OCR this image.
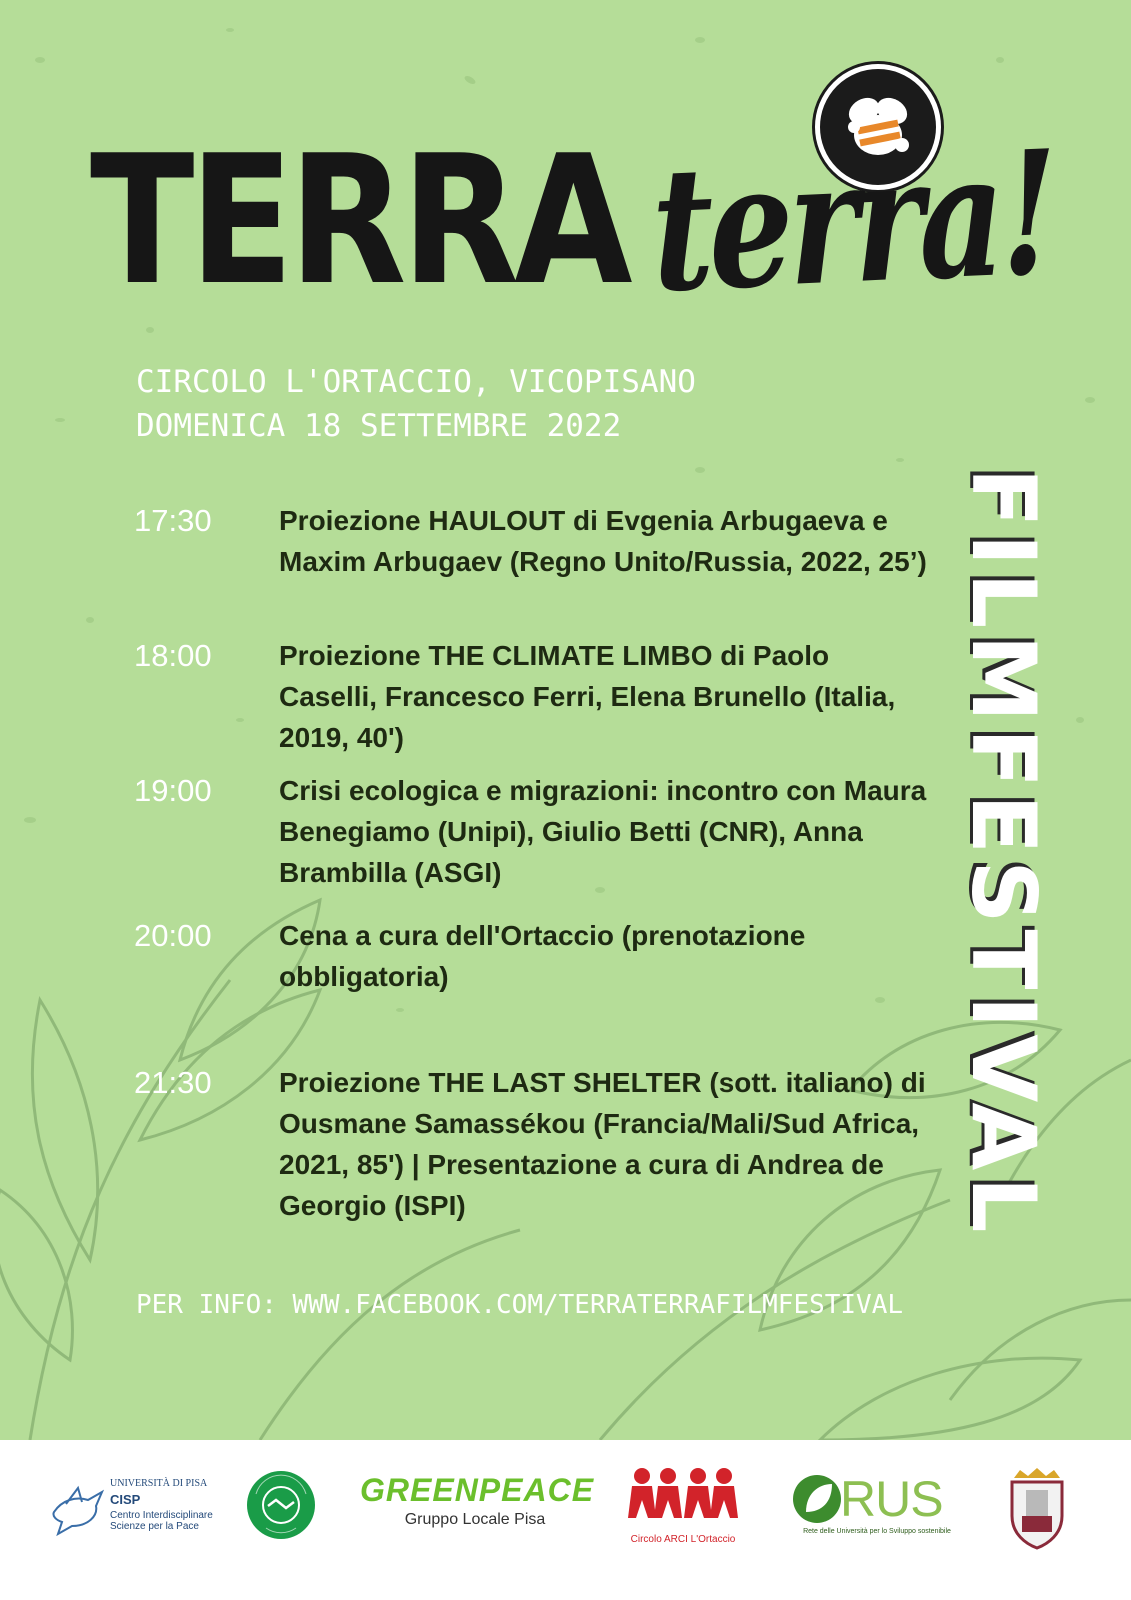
TERRA terra!
CIRCOLO L'ORTACCIO, VICOPISANO
DOMENICA 18 SETTEMBRE 2022
FILMFESTIVAL
17:30 Proiezione HAULOUT di Evgenia Arbugaeva e Maxim Arbugaev (Regno Unito/Russia, 2022, 25’)
18:00 Proiezione THE CLIMATE LIMBO di Paolo Caselli, Francesco Ferri, Elena Brunello (Italia, 2019, 40')
19:00 Crisi ecologica e migrazioni: incontro con Maura Benegiamo (Unipi), Giulio Betti (CNR), Anna Brambilla (ASGI)
20:00 Cena a cura dell'Ortaccio (prenotazione obbligatoria)
21:30 Proiezione THE LAST SHELTER (sott. italiano) di Ousmane Samassékou (Francia/Mali/Sud Africa, 2021, 85') | Presentazione a cura di Andrea de Georgio (ISPI)
PER INFO: WWW.FACEBOOK.COM/TERRATERRAFILMFESTIVAL
UNIVERSITÀ DI PISA
CISP
Centro Interdisciplinare Scienze per la Pace
GREENPEACE
Gruppo Locale Pisa
Circolo ARCI L'Ortaccio
RUS
Rete delle Università per lo Sviluppo sostenibile
